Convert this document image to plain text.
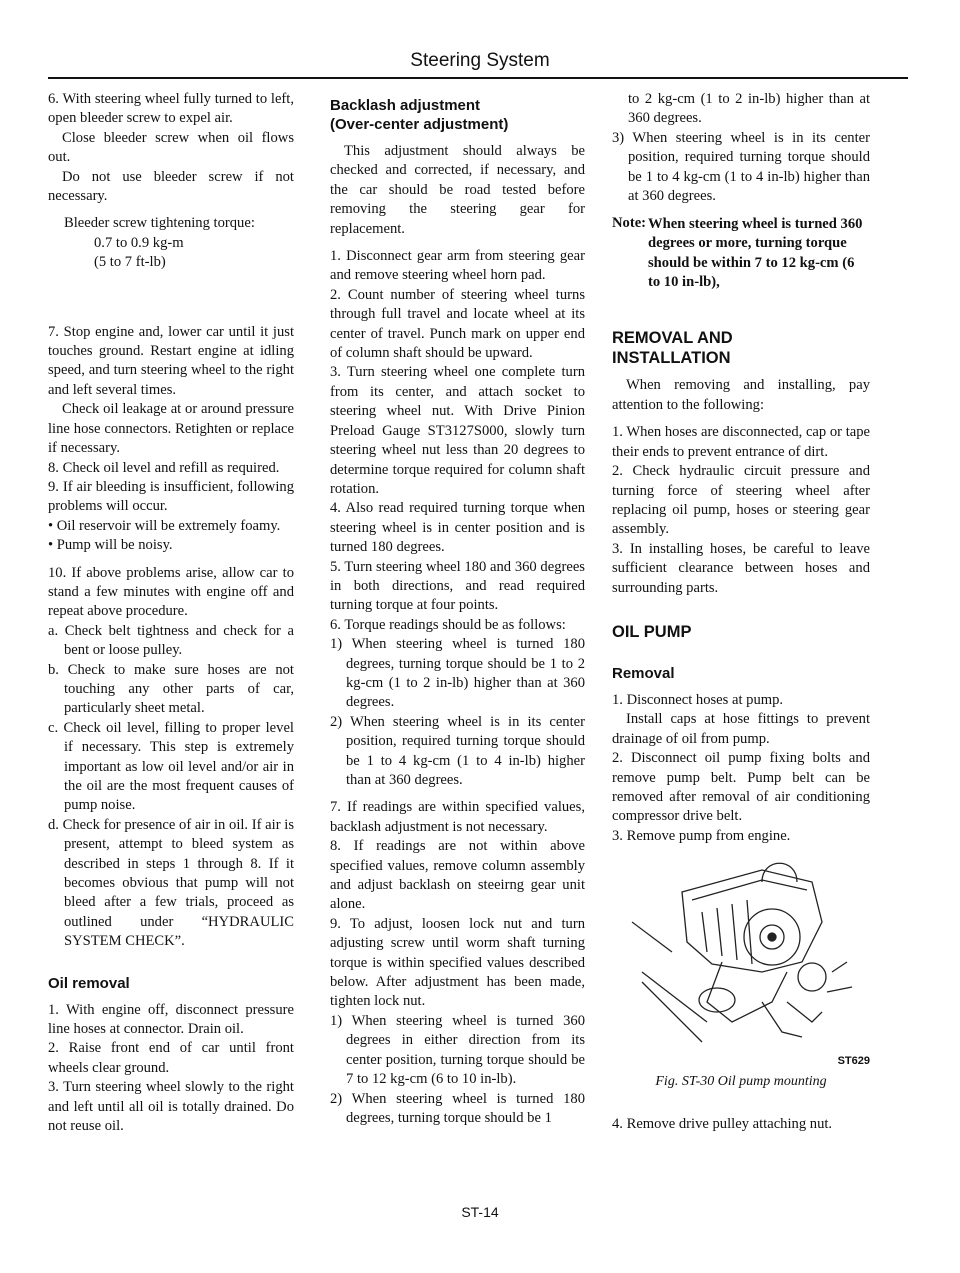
Steering System

6. With steering wheel fully turned to left, open bleeder screw to expel air.

Close bleeder screw when oil flows out.

Do not use bleeder screw if not necessary.

Bleeder screw tightening torque:
0.7 to 0.9 kg-m
(5 to 7 ft-lb)

7. Stop engine and, lower car until it just touches ground. Restart engine at idling speed, and turn steering wheel to the right and left several times.

Check oil leakage at or around pressure line hose connectors. Retighten or replace if necessary.

8. Check oil level and refill as required.

9. If air bleeding is insufficient, following problems will occur.

• Oil reservoir will be extremely foamy.

• Pump will be noisy.

10. If above problems arise, allow car to stand a few minutes with engine off and repeat above procedure.

a. Check belt tightness and check for a bent or loose pulley.

b. Check to make sure hoses are not touching any other parts of car, particularly sheet metal.

c. Check oil level, filling to proper level if necessary. This step is extremely important as low oil level and/or air in the oil are the most frequent causes of pump noise.

d. Check for presence of air in oil. If air is present, attempt to bleed system as described in steps 1 through 8. If it becomes obvious that pump will not bleed after a few trials, proceed as outlined under “HYDRAULIC SYSTEM CHECK”.

Oil removal

1. With engine off, disconnect pressure line hoses at connector. Drain oil.

2. Raise front end of car until front wheels clear ground.

3. Turn steering wheel slowly to the right and left until all oil is totally drained. Do not reuse oil.

Backlash adjustment
(Over-center adjustment)

This adjustment should always be checked and corrected, if necessary, and the car should be road tested before removing the steering gear for replacement.

1. Disconnect gear arm from steering gear and remove steering wheel horn pad.

2. Count number of steering wheel turns through full travel and locate wheel at its center of travel. Punch mark on upper end of column shaft should be upward.

3. Turn steering wheel one complete turn from its center, and attach socket to steering wheel nut. With Drive Pinion Preload Gauge ST3127S000, slowly turn steering wheel nut less than 20 degrees to determine torque required for column shaft rotation.

4. Also read required turning torque when steering wheel is in center position and is turned 180 degrees.

5. Turn steering wheel 180 and 360 degrees in both directions, and read required turning torque at four points.

6. Torque readings should be as follows:

1) When steering wheel is turned 180 degrees, turning torque should be 1 to 2 kg-cm (1 to 2 in-lb) higher than at 360 degrees.

2) When steering wheel is in its center position, required turning torque should be 1 to 4 kg-cm (1 to 4 in-lb) higher than at 360 degrees.

7. If readings are within specified values, backlash adjustment is not necessary.

8. If readings are not within above specified values, remove column assembly and adjust backlash on steeirng gear unit alone.

9. To adjust, loosen lock nut and turn adjusting screw until worm shaft turning torque is within specified values described below. After adjustment has been made, tighten lock nut.

1) When steering wheel is turned 360 degrees in either direction from its center position, turning torque should be 7 to 12 kg-cm (6 to 10 in-lb).

2) When steering wheel is turned 180 degrees, turning torque should be 1

to 2 kg-cm (1 to 2 in-lb) higher than at 360 degrees.

3) When steering wheel is in its center position, required turning torque should be 1 to 4 kg-cm (1 to 4 in-lb) higher than at 360 degrees.

Note: When steering wheel is turned 360 degrees or more, turning torque should be within 7 to 12 kg-cm (6 to 10 in-lb),
REMOVAL AND
INSTALLATION

When removing and installing, pay attention to the following:

1. When hoses are disconnected, cap or tape their ends to prevent entrance of dirt.

2. Check hydraulic circuit pressure and turning force of steering wheel after replacing oil pump, hoses or steering gear assembly.

3. In installing hoses, be careful to leave sufficient clearance between hoses and surrounding parts.

OIL PUMP
Removal

1. Disconnect hoses at pump.

Install caps at hose fittings to prevent drainage of oil from pump.

2. Disconnect oil pump fixing bolts and remove pump belt. Pump belt can be removed after removal of air conditioning compressor drive belt.

3. Remove pump from engine.

ST629
Fig. ST-30 Oil pump mounting

4. Remove drive pulley attaching nut.

ST-14
